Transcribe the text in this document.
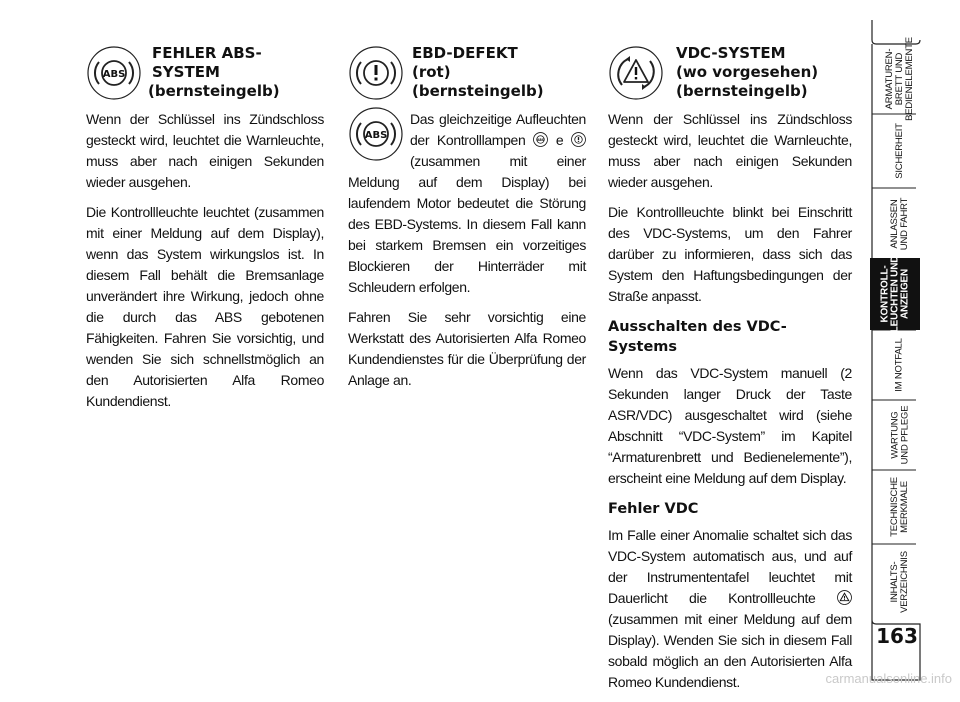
ABS
ABS

FEHLER ABS-

SYSTEM

(bernsteingelb)

Wenn der Schlüssel ins Zündschloss gesteckt wird, leuchtet die Warnleuchte, muss aber nach einigen Sekunden wieder ausgehen.

Die Kontrollleuchte leuchtet (zusammen mit einer Meldung auf dem Display), wenn das System wirkungslos ist. In diesem Fall behält die Bremsanlage unverändert ihre Wirkung, jedoch ohne die durch das ABS gebotenen Fähigkeiten. Fahren Sie vorsichtig, und wenden Sie sich schnellstmöglich an den Autorisierten Alfa Romeo Kundendienst.

EBD-DEFEKT

(rot)

(bernsteingelb)

Das gleichzeitige Aufleuchten der Kontrolllampen ABS e  (zusammen mit einer Meldung auf dem Display) bei laufendem Motor bedeutet die Störung des EBD-Systems. In diesem Fall kann bei starkem Bremsen ein vorzeitiges Blockieren der Hinterräder mit Schleudern erfolgen.

Fahren Sie sehr vorsichtig eine Werkstatt des Autorisierten Alfa Romeo Kundendienstes für die Überprüfung der Anlage an.

VDC-SYSTEM

(wo vorgesehen)

(bernsteingelb)

Wenn der Schlüssel ins Zündschloss gesteckt wird, leuchtet die Warnleuchte, muss aber nach einigen Sekunden wieder ausgehen.

Die Kontrollleuchte blinkt bei Einschritt des VDC-Systems, um den Fahrer darüber zu informieren, dass sich das System den Haftungsbedingungen der Straße anpasst.

Ausschalten des VDC-Systems

Wenn das VDC-System manuell (2 Sekunden langer Druck der Taste ASR/VDC) ausgeschaltet wird (siehe Abschnitt “VDC-System” im Kapitel “Armaturenbrett und Bedienelemente”), erscheint eine Meldung auf dem Display.

Fehler VDC

Im Falle einer Anomalie schaltet sich das VDC-System automatisch aus, und auf der Instrumententafel leuchtet mit Dauerlicht die Kontrollleuchte  (zusammen mit einer Meldung auf dem Display). Wenden Sie sich in diesem Fall sobald möglich an den Autorisierten Alfa Romeo Kundendienst.

ARMATUREN-
BRETT UND
BEDIENELEMENTE
SICHERHEIT
ANLASSEN
UND FAHRT
KONTROLL-
LEUCHTEN UND
ANZEIGEN
IM NOTFALL
WARTUNG
UND PFLEGE
TECHNISCHE
MERKMALE
INHALTS-
VERZEICHNIS
163
carmanualsonline.info
